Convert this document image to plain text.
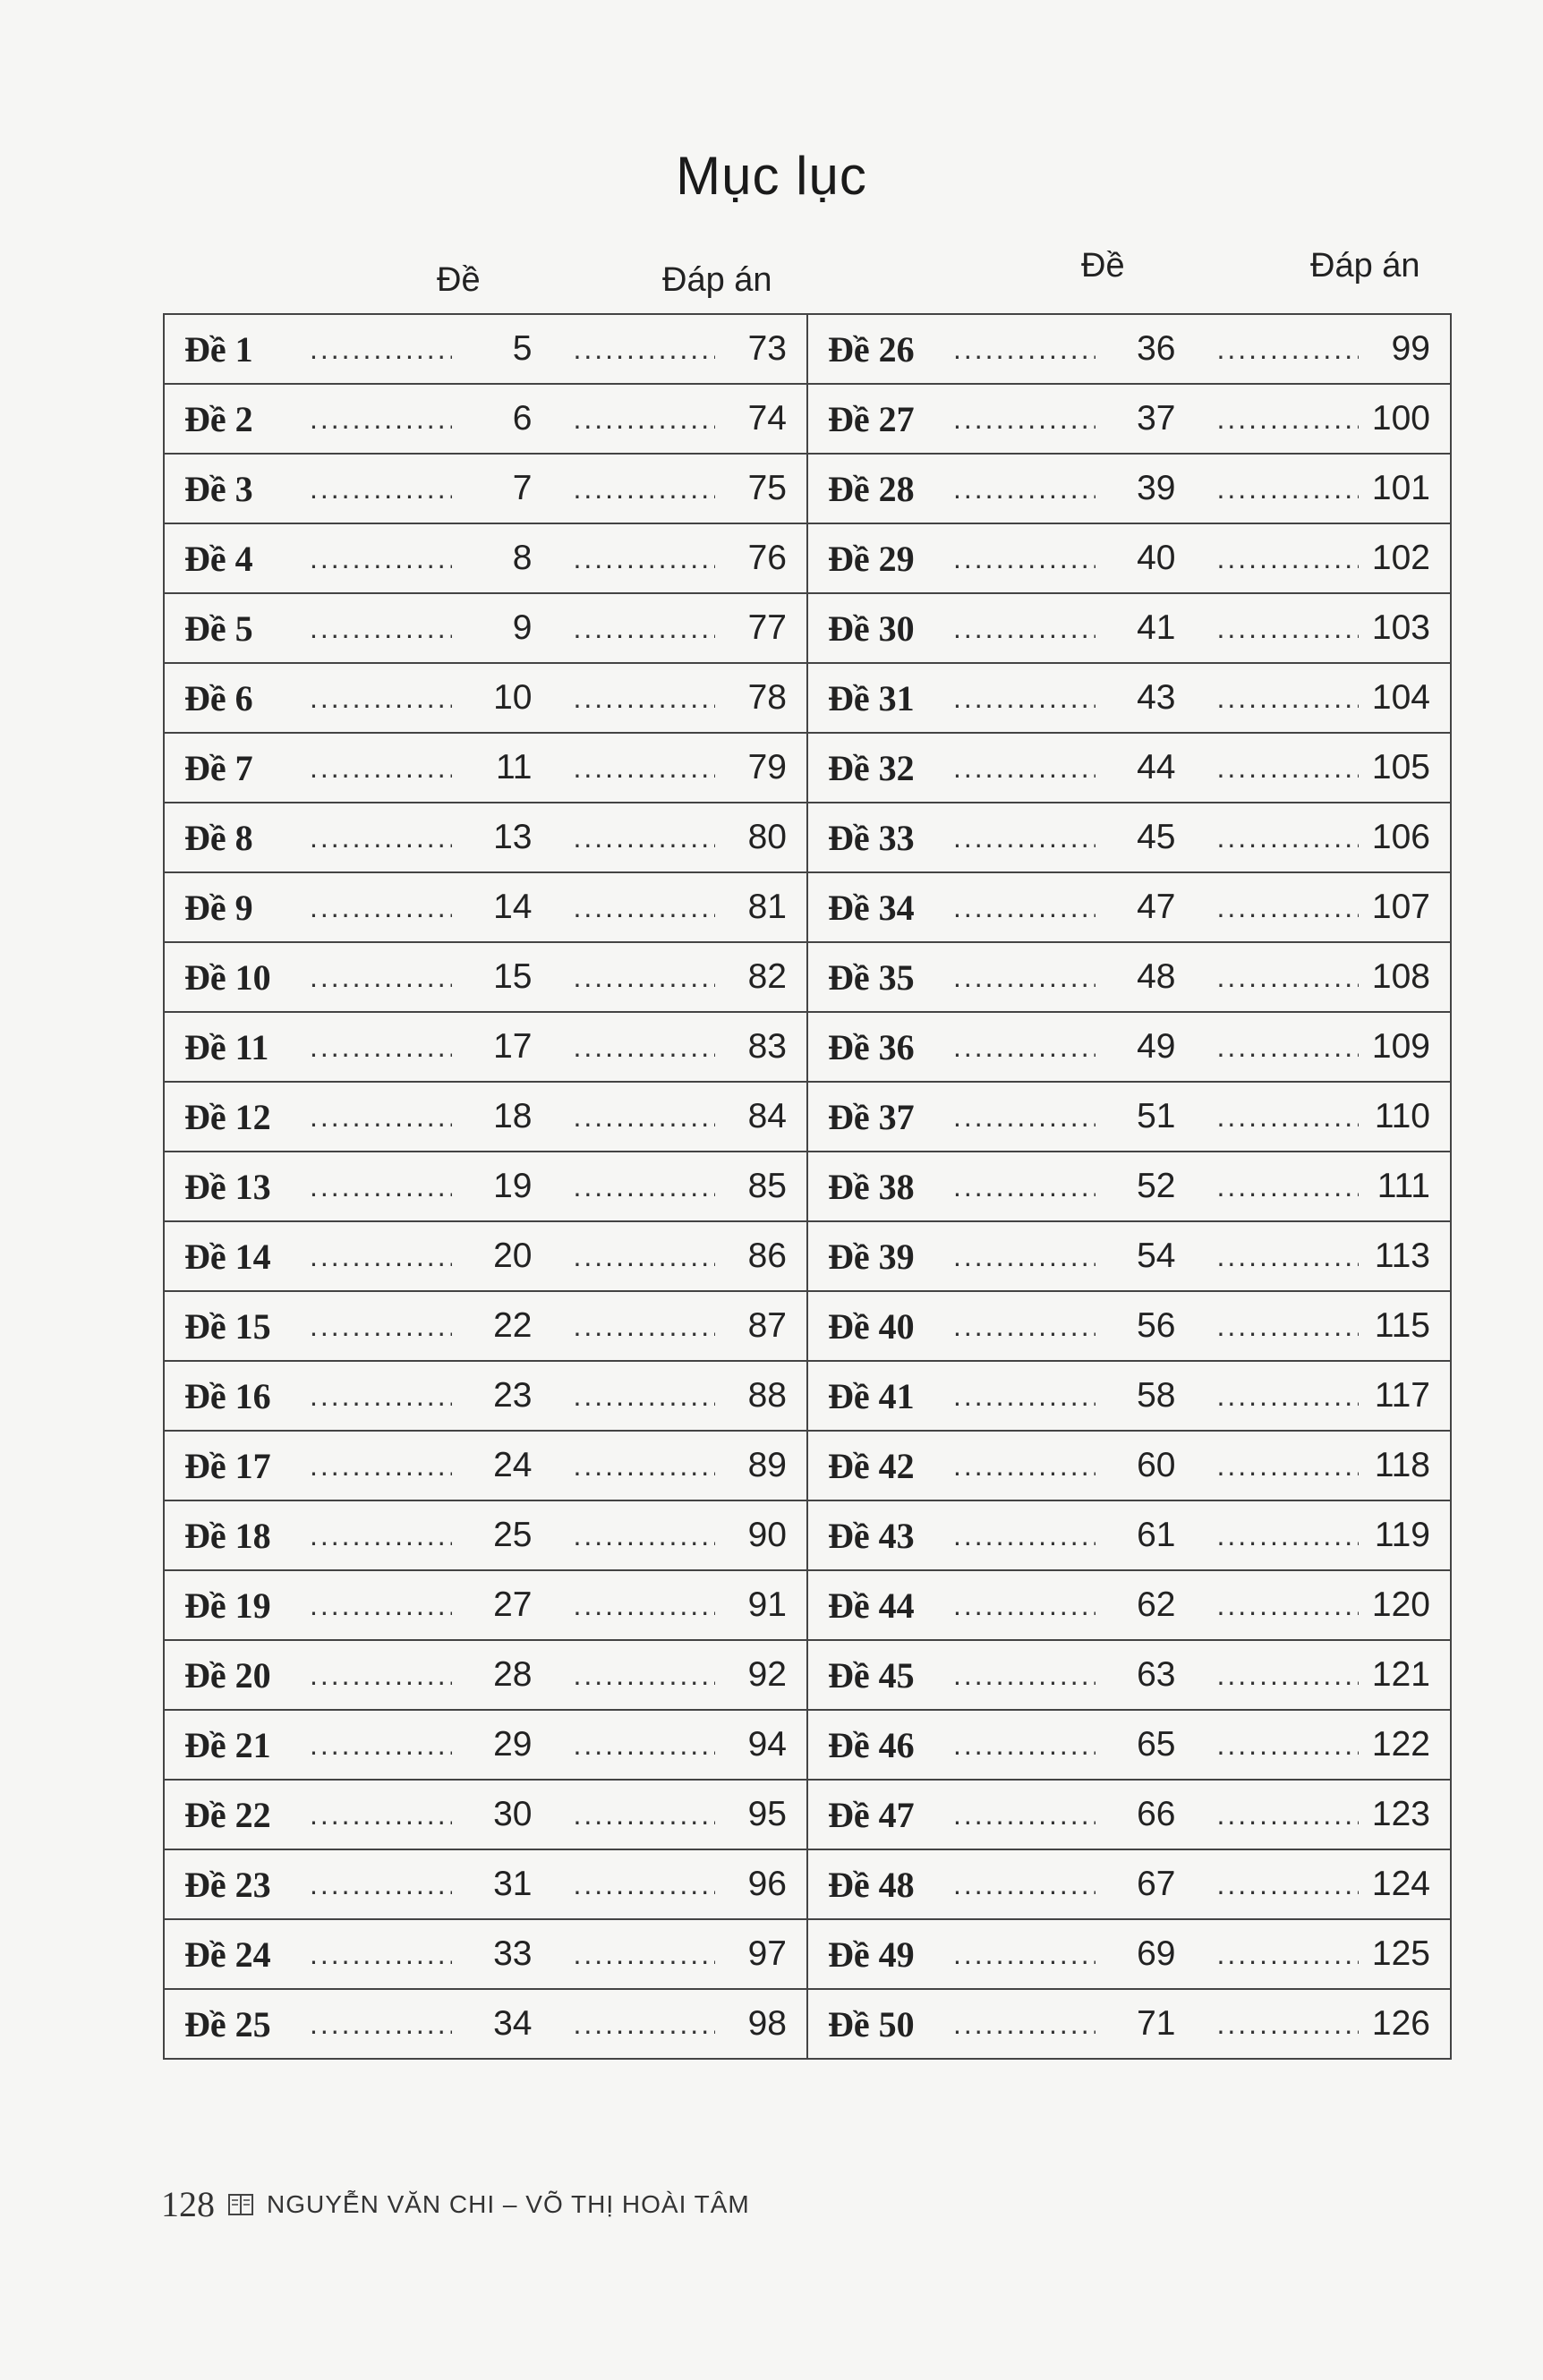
Mục lục
Đề	Đáp án	Đề	Đáp án
Đề 1 ..... 5 ..... 73	Đề 26 ..... 36 ..... 99

Đề 2 ..... 6 ..... 74	Đề 27 ..... 37 ..... 100

Đề 3 ..... 7 ..... 75	Đề 28 ..... 39 ..... 101

Đề 4 ..... 8 ..... 76	Đề 29 ..... 40 ..... 102

Đề 5 ..... 9 ..... 77	Đề 30 ..... 41 ..... 103

Đề 6 ..... 10 ..... 78	Đề 31 ..... 43 ..... 104

Đề 7 ..... 11 ..... 79	Đề 32 ..... 44 ..... 105

Đề 8 ..... 13 ..... 80	Đề 33 ..... 45 ..... 106

Đề 9 ..... 14 ..... 81	Đề 34 ..... 47 ..... 107

Đề 10 ..... 15 ..... 82	Đề 35 ..... 48 ..... 108

Đề 11 ..... 17 ..... 83	Đề 36 ..... 49 ..... 109

Đề 12 ..... 18 ..... 84	Đề 37 ..... 51 ..... 110

Đề 13 ..... 19 ..... 85	Đề 38 ..... 52 ..... 111

Đề 14 ..... 20 ..... 86	Đề 39 ..... 54 ..... 113

Đề 15 ..... 22 ..... 87	Đề 40 ..... 56 ..... 115

Đề 16 ..... 23 ..... 88	Đề 41 ..... 58 ..... 117

Đề 17 ..... 24 ..... 89	Đề 42 ..... 60 ..... 118

Đề 18 ..... 25 ..... 90	Đề 43 ..... 61 ..... 119

Đề 19 ..... 27 ..... 91	Đề 44 ..... 62 ..... 120

Đề 20 ..... 28 ..... 92	Đề 45 ..... 63 ..... 121

Đề 21 ..... 29 ..... 94	Đề 46 ..... 65 ..... 122

Đề 22 ..... 30 ..... 95	Đề 47 ..... 66 ..... 123

Đề 23 ..... 31 ..... 96	Đề 48 ..... 67 ..... 124

Đề 24 ..... 33 ..... 97	Đề 49 ..... 69 ..... 125

Đề 25 ..... 34 ..... 98	Đề 50 ..... 71 ..... 126
128 NGUYỄN VĂN CHI – VÕ THỊ HOÀI TÂM
